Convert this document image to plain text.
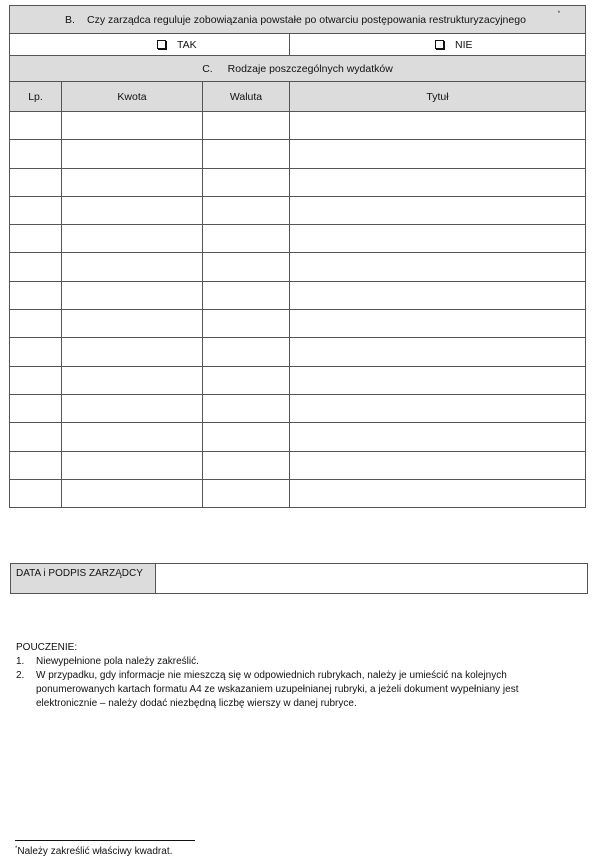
B. Czy zarządca reguluje zobowiązania powstałe po otwarciu postępowania restrukturyzacyjnego *

TAK			NIE

C. Rodzaje poszczególnych wydatków			
Lp.	Kwota	Waluta	Tytuł

DATA i PODPIS ZARZĄDCY
POUCZENIE:
1.	Niewypełnione pola należy zakreślić.
2.	W przypadku, gdy informacje nie mieszczą się w odpowiednich rubrykach, należy je umieścić na kolejnych ponumerowanych kartach formatu A4 ze wskazaniem uzupełnianej rubryki, a jeżeli dokument wypełniany jest elektronicznie – należy dodać niezbędną liczbę wierszy w danej rubryce.
*Należy zakreślić właściwy kwadrat.
